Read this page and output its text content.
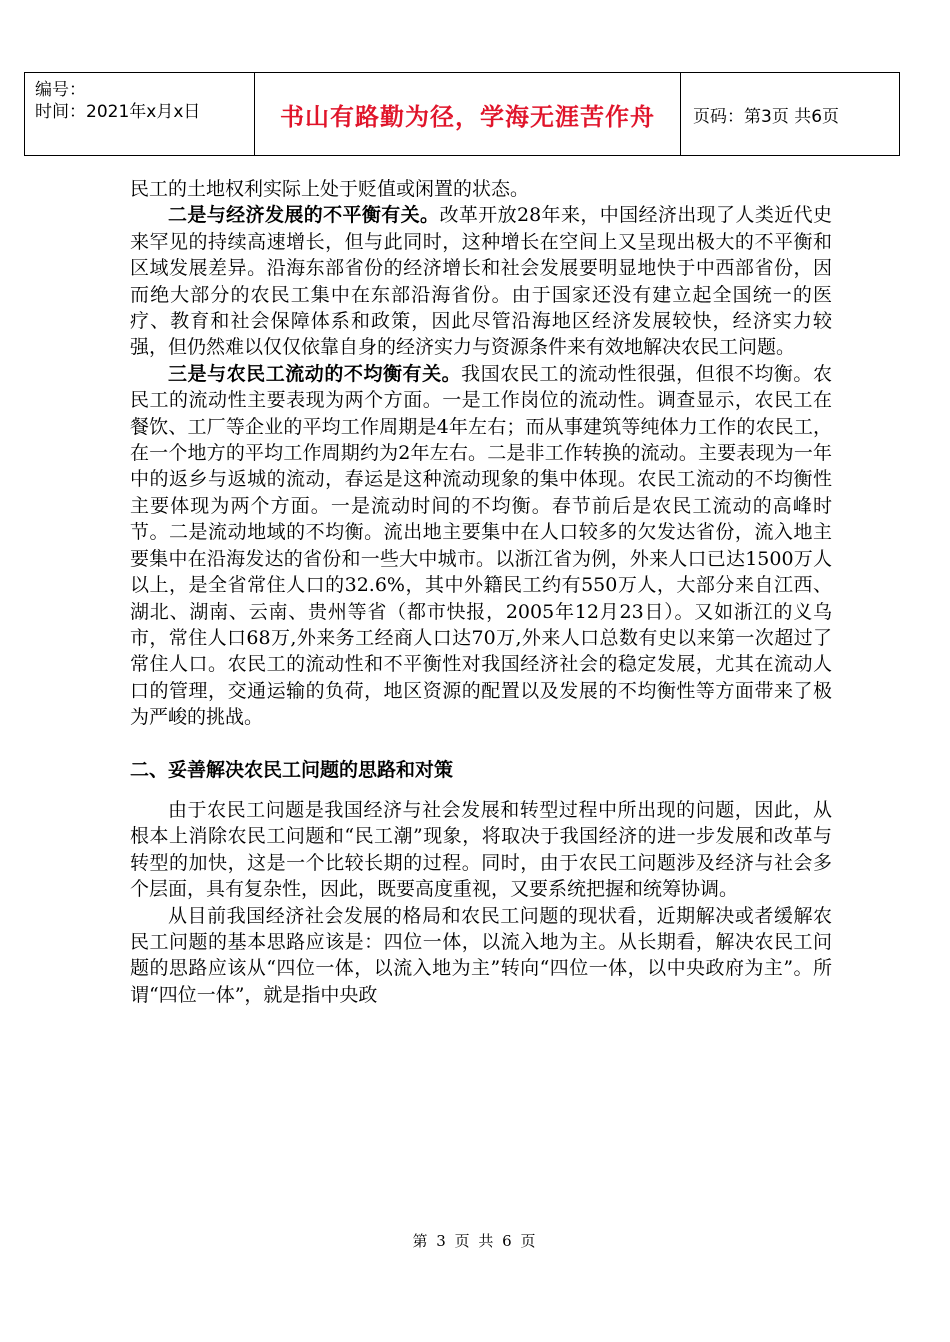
编号：
时间：2021年x月x日	书山有路勤为径，学海无涯苦作舟	页码：第3页 共6页

民工的土地权利实际上处于贬值或闲置的状态。

二是与经济发展的不平衡有关。改革开放28年来，中国经济出现了人类近代史来罕见的持续高速增长，但与此同时，这种增长在空间上又呈现出极大的不平衡和区域发展差异。沿海东部省份的经济增长和社会发展要明显地快于中西部省份，因而绝大部分的农民工集中在东部沿海省份。由于国家还没有建立起全国统一的医疗、教育和社会保障体系和政策，因此尽管沿海地区经济发展较快，经济实力较强，但仍然难以仅仅依靠自身的经济实力与资源条件来有效地解决农民工问题。

三是与农民工流动的不均衡有关。我国农民工的流动性很强，但很不均衡。农民工的流动性主要表现为两个方面。一是工作岗位的流动性。调查显示，农民工在餐饮、工厂等企业的平均工作周期是4年左右；而从事建筑等纯体力工作的农民工，在一个地方的平均工作周期约为2年左右。二是非工作转换的流动。主要表现为一年中的返乡与返城的流动，春运是这种流动现象的集中体现。农民工流动的不均衡性主要体现为两个方面。一是流动时间的不均衡。春节前后是农民工流动的高峰时节。二是流动地域的不均衡。流出地主要集中在人口较多的欠发达省份，流入地主要集中在沿海发达的省份和一些大中城市。以浙江省为例，外来人口已达1500万人以上，是全省常住人口的32.6%，其中外籍民工约有550万人，大部分来自江西、湖北、湖南、云南、贵州等省（都市快报，2005年12月23日）。又如浙江的义乌市，常住人口68万,外来务工经商人口达70万,外来人口总数有史以来第一次超过了常住人口。农民工的流动性和不平衡性对我国经济社会的稳定发展，尤其在流动人口的管理，交通运输的负荷，地区资源的配置以及发展的不均衡性等方面带来了极为严峻的挑战。

二、妥善解决农民工问题的思路和对策

由于农民工问题是我国经济与社会发展和转型过程中所出现的问题，因此，从根本上消除农民工问题和“民工潮”现象，将取决于我国经济的进一步发展和改革与转型的加快，这是一个比较长期的过程。同时，由于农民工问题涉及经济与社会多个层面，具有复杂性，因此，既要高度重视，又要系统把握和统筹协调。

从目前我国经济社会发展的格局和农民工问题的现状看，近期解决或者缓解农民工问题的基本思路应该是：四位一体，以流入地为主。从长期看，解决农民工问题的思路应该从“四位一体，以流入地为主”转向“四位一体，以中央政府为主”。所谓“四位一体”，就是指中央政

第 3 页 共 6 页
